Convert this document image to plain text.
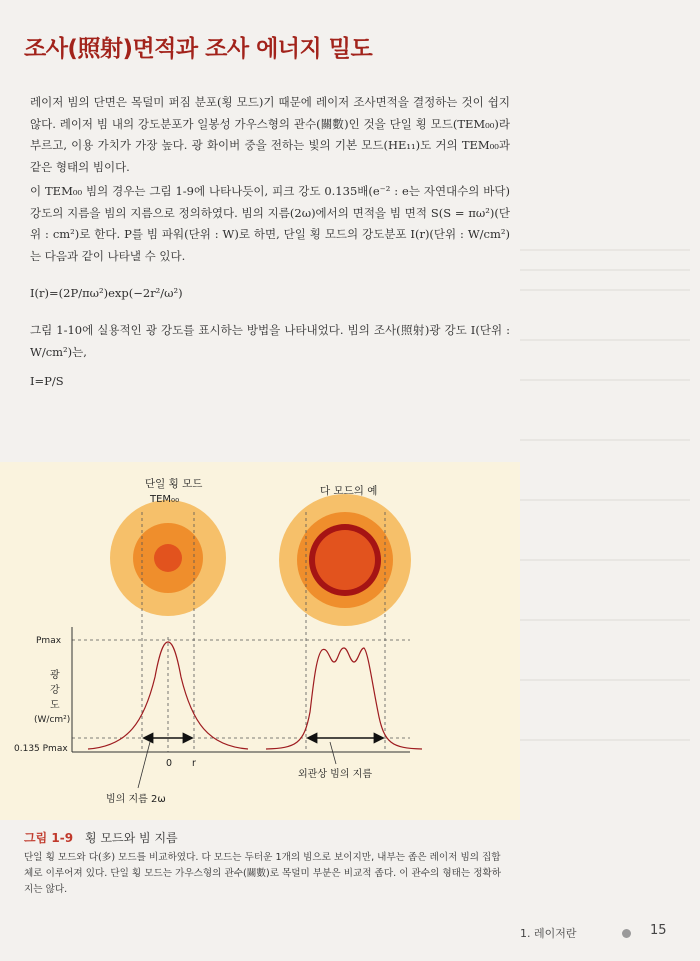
조사(照射)면적과 조사 에너지 밀도

레이저 빔의 단면은 목덜미 퍼짐 분포(횡 모드)기 때문에 레이저 조사면적을 결정하는 것이 쉽지 않다. 레이저 빔 내의 강도분포가 일봉성 가우스형의 관수(關數)인 것을 단일 횡 모드(TEM₀₀)라 부르고, 이용 가치가 가장 높다. 광 화이버 중을 전하는 빛의 기본 모드(HE₁₁)도 거의 TEM₀₀과 같은 형태의 빔이다.

이 TEM₀₀ 빔의 경우는 그림 1-9에 나타나듯이, 피크 강도 0.135배(e⁻² : e는 자연대수의 바닥) 강도의 지름을 빔의 지름으로 정의하였다. 빔의 지름(2ω)에서의 면적을 빔 면적 S(S = πω²)(단위 : cm²)로 한다. P를 빔 파워(단위 : W)로 하면, 단일 횡 모드의 강도분포 I(r)(단위 : W/cm²)는 다음과 같이 나타낼 수 있다.

I(r)=(2P/πω²)exp(−2r²/ω²)

그림 1-10에 실용적인 광 강도를 표시하는 방법을 나타내었다. 빔의 조사(照射)광 강도 I(단위 : W/cm²)는,

I=P/S
단일 횡 모드
TEM₀₀
다 모드의 예
Pmax
0.135 Pmax
광
강
도
(W/cm²)
0 r
빔의 지름 2ω
외관상 빔의 지름
그림 1-9 횡 모드와 빔 지름

단일 횡 모드와 다(多) 모드를 비교하였다. 다 모드는 두터운 1개의 빔으로 보이지만, 내부는 좁은 레이저 빔의 집합체로 이루어져 있다. 단일 횡 모드는 가우스형의 관수(關數)로 목덜미 부분은 비교적 좁다. 이 관수의 형태는 정확하지는 않다.

1. 레이저란	15
